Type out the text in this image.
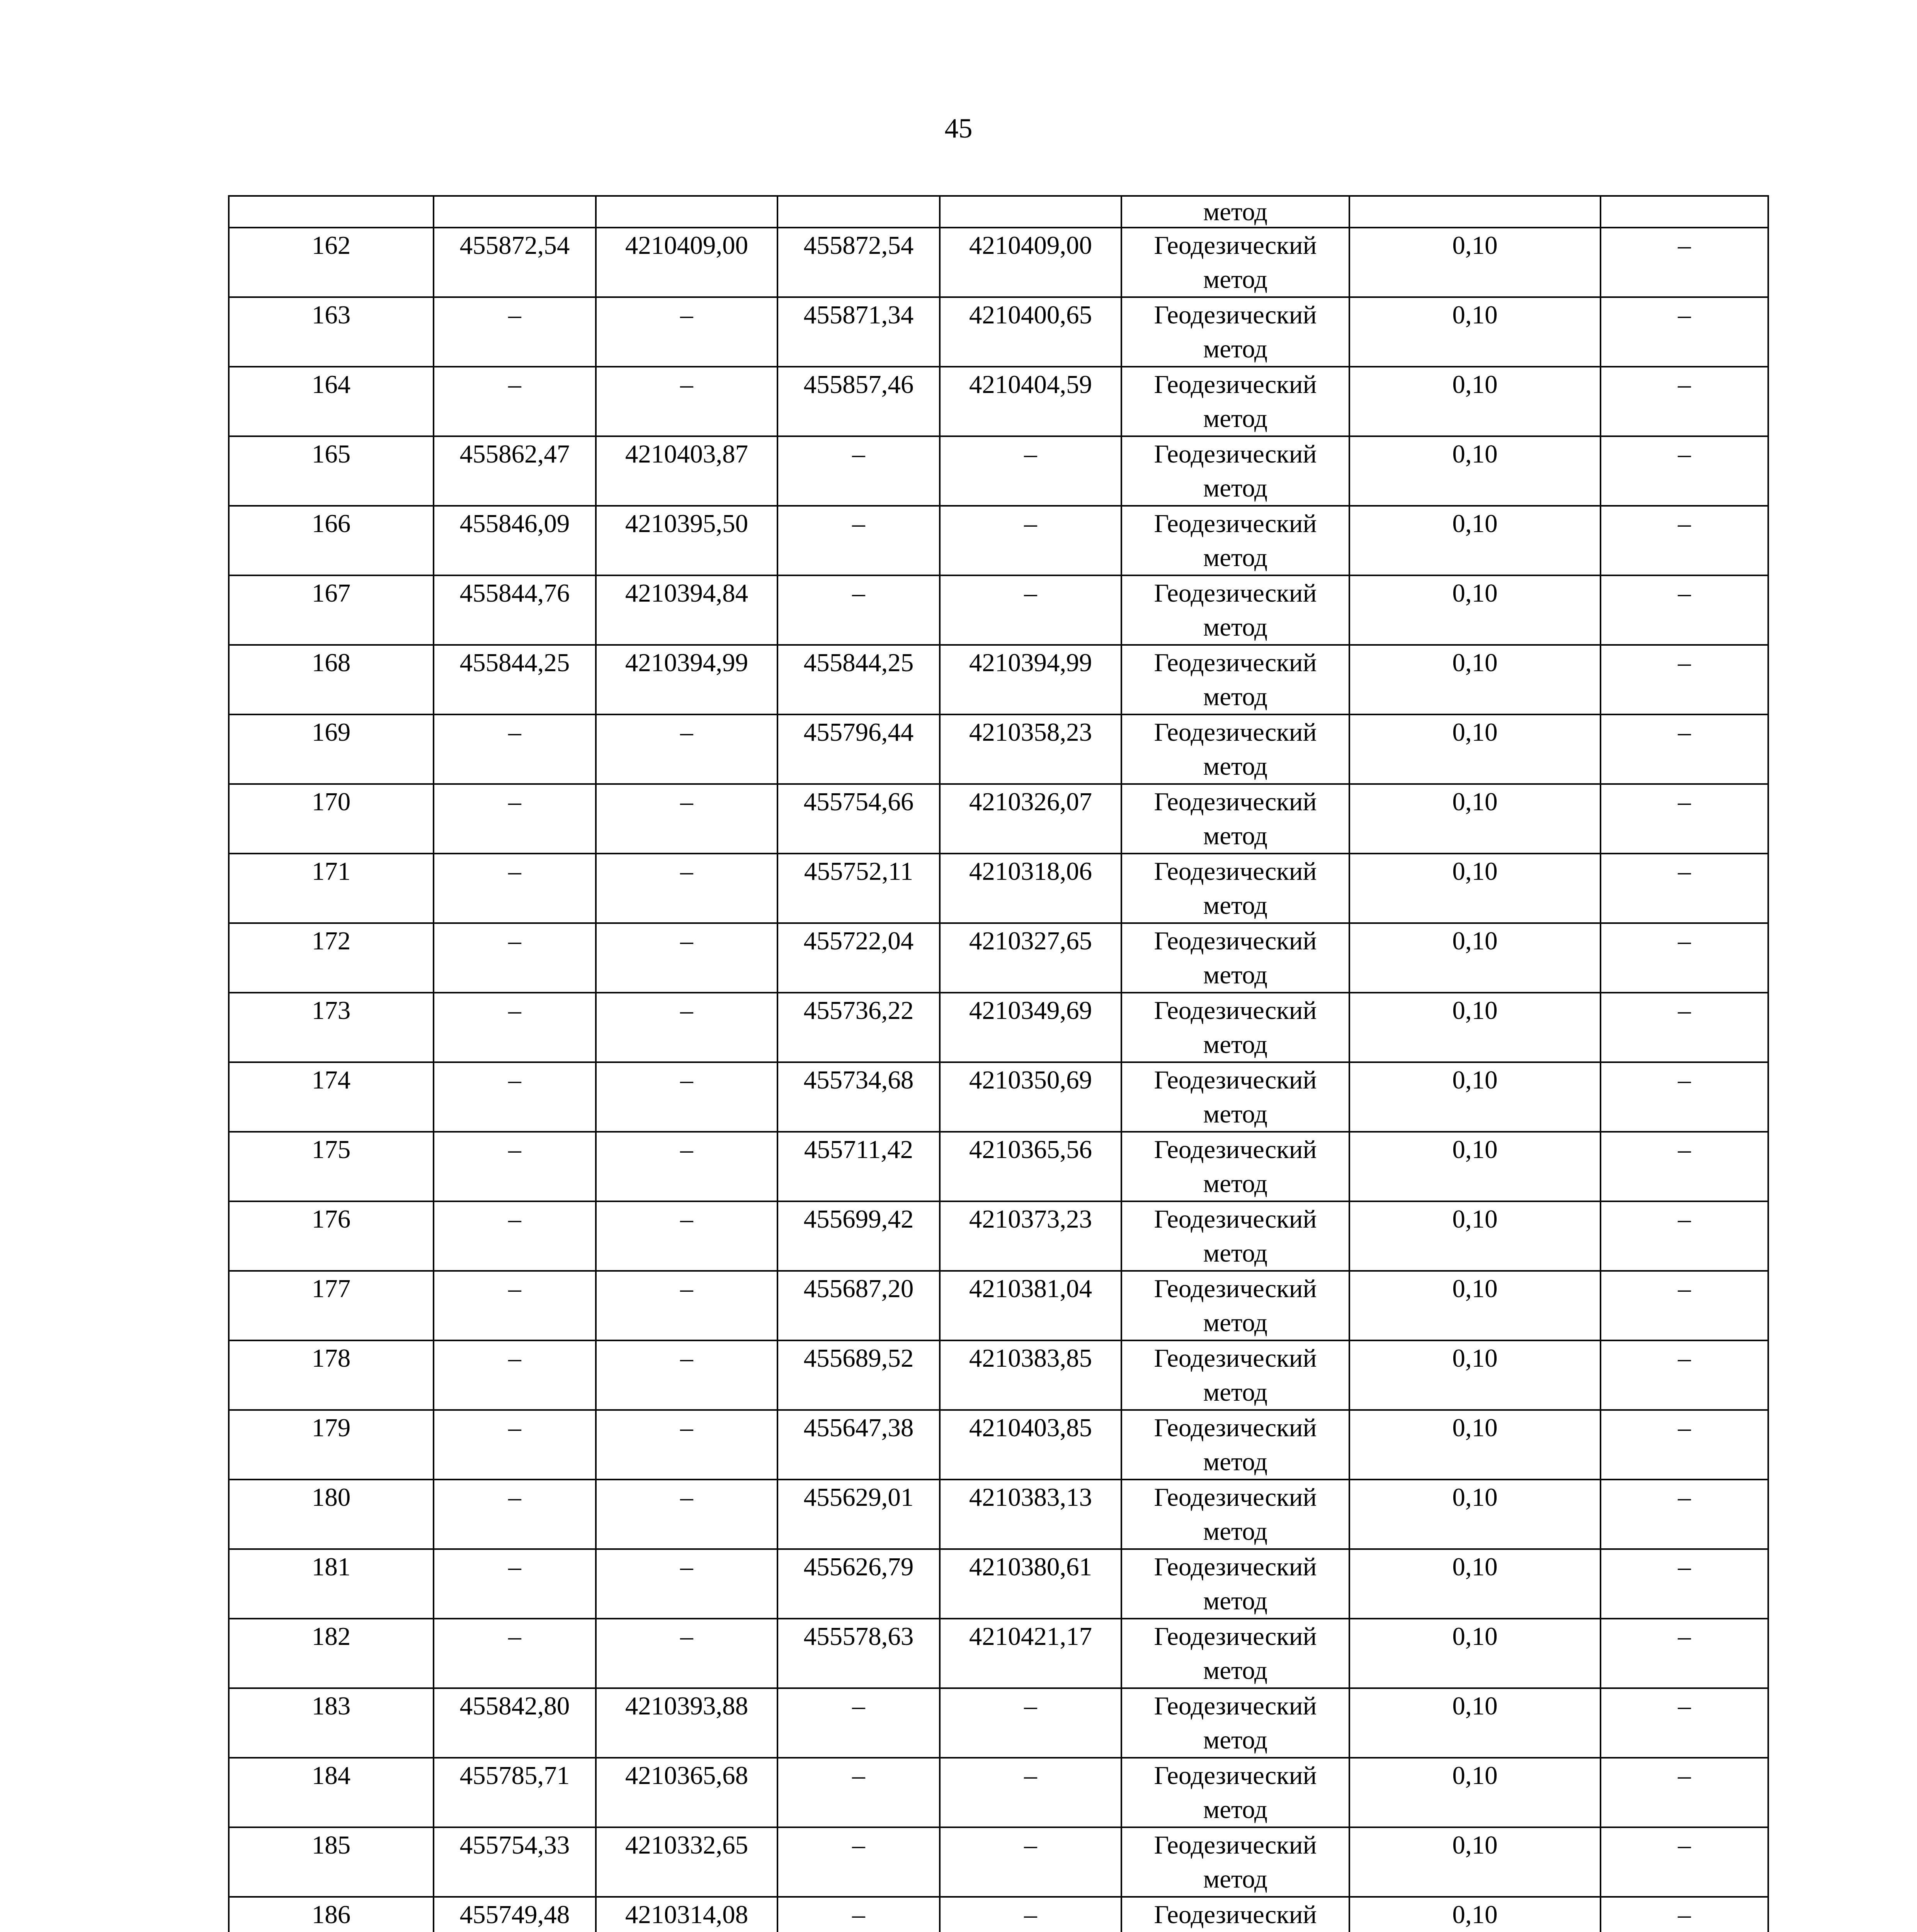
45
					метод		
162	455872,54	4210409,00	455872,54	4210409,00	Геодезический
метод	0,10	–
163	–	–	455871,34	4210400,65	Геодезический
метод	0,10	–
164	–	–	455857,46	4210404,59	Геодезический
метод	0,10	–
165	455862,47	4210403,87	–	–	Геодезический
метод	0,10	–
166	455846,09	4210395,50	–	–	Геодезический
метод	0,10	–
167	455844,76	4210394,84	–	–	Геодезический
метод	0,10	–
168	455844,25	4210394,99	455844,25	4210394,99	Геодезический
метод	0,10	–
169	–	–	455796,44	4210358,23	Геодезический
метод	0,10	–
170	–	–	455754,66	4210326,07	Геодезический
метод	0,10	–
171	–	–	455752,11	4210318,06	Геодезический
метод	0,10	–
172	–	–	455722,04	4210327,65	Геодезический
метод	0,10	–
173	–	–	455736,22	4210349,69	Геодезический
метод	0,10	–
174	–	–	455734,68	4210350,69	Геодезический
метод	0,10	–
175	–	–	455711,42	4210365,56	Геодезический
метод	0,10	–
176	–	–	455699,42	4210373,23	Геодезический
метод	0,10	–
177	–	–	455687,20	4210381,04	Геодезический
метод	0,10	–
178	–	–	455689,52	4210383,85	Геодезический
метод	0,10	–
179	–	–	455647,38	4210403,85	Геодезический
метод	0,10	–
180	–	–	455629,01	4210383,13	Геодезический
метод	0,10	–
181	–	–	455626,79	4210380,61	Геодезический
метод	0,10	–
182	–	–	455578,63	4210421,17	Геодезический
метод	0,10	–
183	455842,80	4210393,88	–	–	Геодезический
метод	0,10	–
184	455785,71	4210365,68	–	–	Геодезический
метод	0,10	–
185	455754,33	4210332,65	–	–	Геодезический
метод	0,10	–
186	455749,48	4210314,08	–	–	Геодезический	0,10	–
